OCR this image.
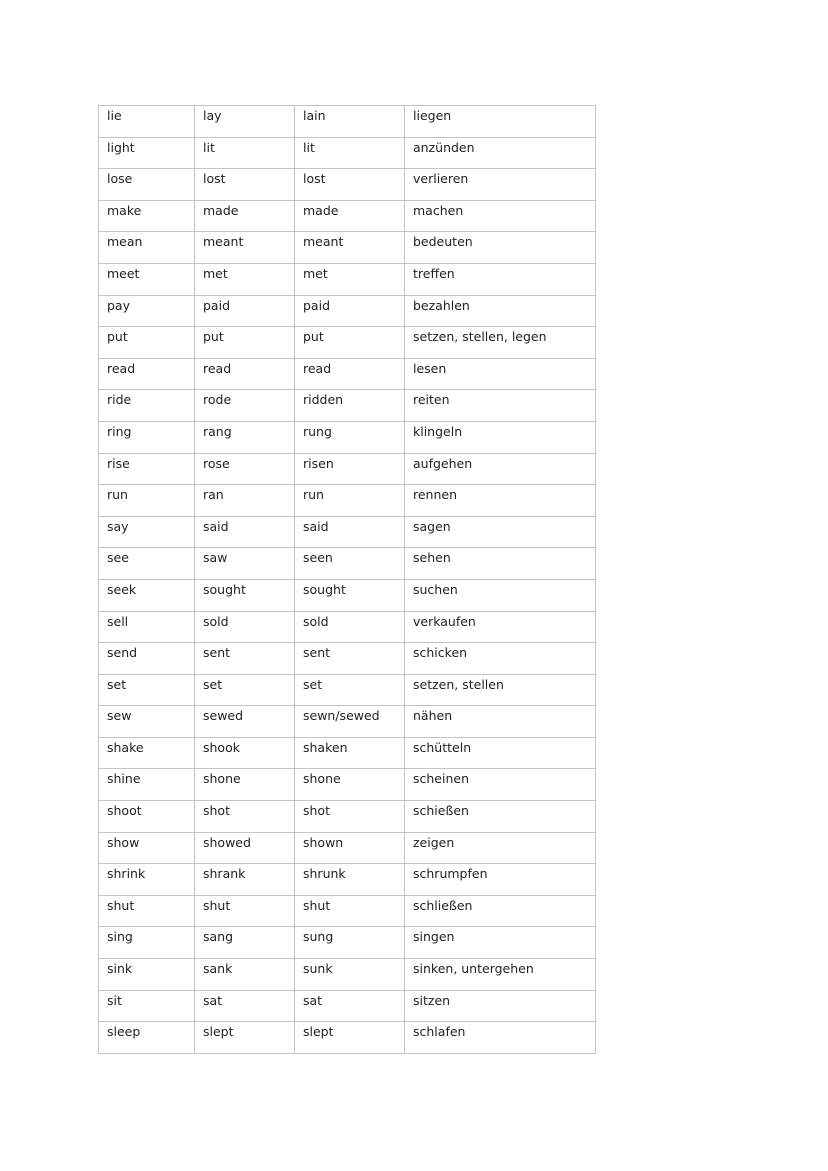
lie	lay	lain	liegen

light	lit	lit	anzünden

lose	lost	lost	verlieren

make	made	made	machen

mean	meant	meant	bedeuten

meet	met	met	treffen

pay	paid	paid	bezahlen

put	put	put	setzen, stellen, legen

read	read	read	lesen

ride	rode	ridden	reiten

ring	rang	rung	klingeln

rise	rose	risen	aufgehen

run	ran	run	rennen

say	said	said	sagen

see	saw	seen	sehen

seek	sought	sought	suchen

sell	sold	sold	verkaufen

send	sent	sent	schicken

set	set	set	setzen, stellen

sew	sewed	sewn/sewed	nähen

shake	shook	shaken	schütteln

shine	shone	shone	scheinen

shoot	shot	shot	schießen

show	showed	shown	zeigen

shrink	shrank	shrunk	schrumpfen

shut	shut	shut	schließen

sing	sang	sung	singen

sink	sank	sunk	sinken, untergehen

sit	sat	sat	sitzen

sleep	slept	slept	schlafen
